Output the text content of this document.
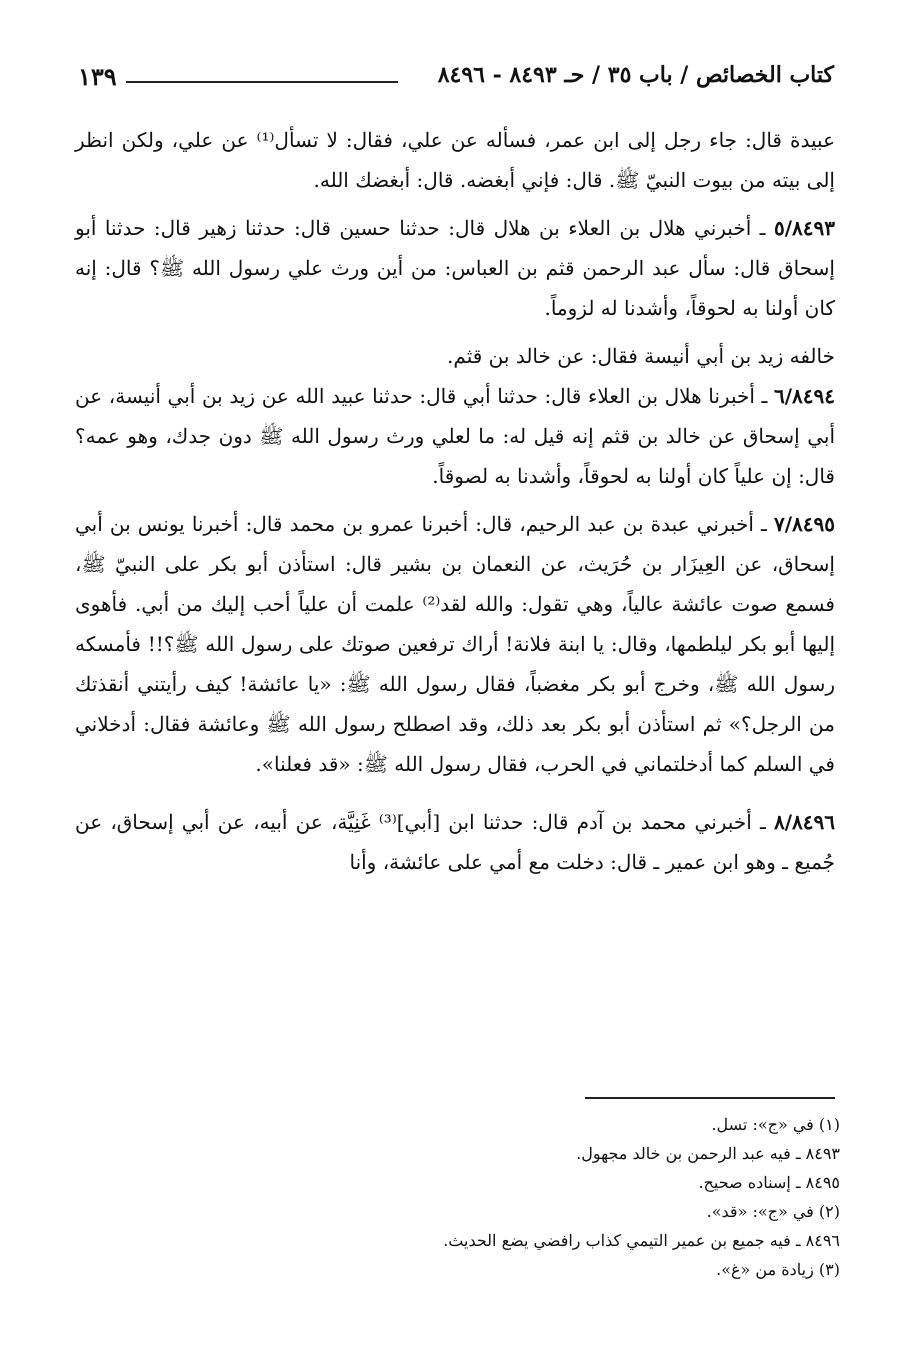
كتاب الخصائص / باب ٣٥ / حـ ٨٤٩٣ - ٨٤٩٦
١٣٩

عبيدة قال: جاء رجل إلى ابن عمر، فسأله عن علي، فقال: لا تسأل⁽¹⁾ عن علي، ولكن انظر إلى بيته من بيوت النبيّ ﷺ. قال: فإني أبغضه. قال: أبغضك الله.

٥/٨٤٩٣ ـ أخبرني هلال بن العلاء بن هلال قال: حدثنا حسين قال: حدثنا زهير قال: حدثنا أبو إسحاق قال: سأل عبد الرحمن قثم بن العباس: من أين ورث علي رسول الله ﷺ؟ قال: إنه كان أولنا به لحوقاً، وأشدنا له لزوماً.

خالفه زيد بن أبي أنيسة فقال: عن خالد بن قثم.

٦/٨٤٩٤ ـ أخبرنا هلال بن العلاء قال: حدثنا أبي قال: حدثنا عبيد الله عن زيد بن أبي أنيسة، عن أبي إسحاق عن خالد بن قثم إنه قيل له: ما لعلي ورث رسول الله ﷺ دون جدك، وهو عمه؟ قال: إن علياً كان أولنا به لحوقاً، وأشدنا به لصوقاً.

٧/٨٤٩٥ ـ أخبرني عبدة بن عبد الرحيم، قال: أخبرنا عمرو بن محمد قال: أخبرنا يونس بن أبي إسحاق، عن العِيزَار بن حُرَيث، عن النعمان بن بشير قال: استأذن أبو بكر على النبيّ ﷺ، فسمع صوت عائشة عالياً، وهي تقول: والله لقد⁽²⁾ علمت أن علياً أحب إليك من أبي. فأهوى إليها أبو بكر ليلطمها، وقال: يا ابنة فلانة! أراك ترفعين صوتك على رسول الله ﷺ؟!! فأمسكه رسول الله ﷺ، وخرج أبو بكر مغضباً، فقال رسول الله ﷺ: «يا عائشة! كيف رأيتني أنقذتك من الرجل؟» ثم استأذن أبو بكر بعد ذلك، وقد اصطلح رسول الله ﷺ وعائشة فقال: أدخلاني في السلم كما أدخلتماني في الحرب، فقال رسول الله ﷺ: «قد فعلنا».

٨/٨٤٩٦ ـ أخبرني محمد بن آدم قال: حدثنا ابن [أبي]⁽³⁾ غَنِيَّة، عن أبيه، عن أبي إسحاق، عن جُميع ـ وهو ابن عمير ـ قال: دخلت مع أمي على عائشة، وأنا

(١) في «ج»: تسل.
٨٤٩٣ ـ فيه عبد الرحمن بن خالد مجهول.
٨٤٩٥ ـ إسناده صحيح.
(٢) في «ج»: «قد».
٨٤٩٦ ـ فيه جميع بن عمير التيمي كذاب رافضي يضع الحديث.
(٣) زيادة من «غ».
